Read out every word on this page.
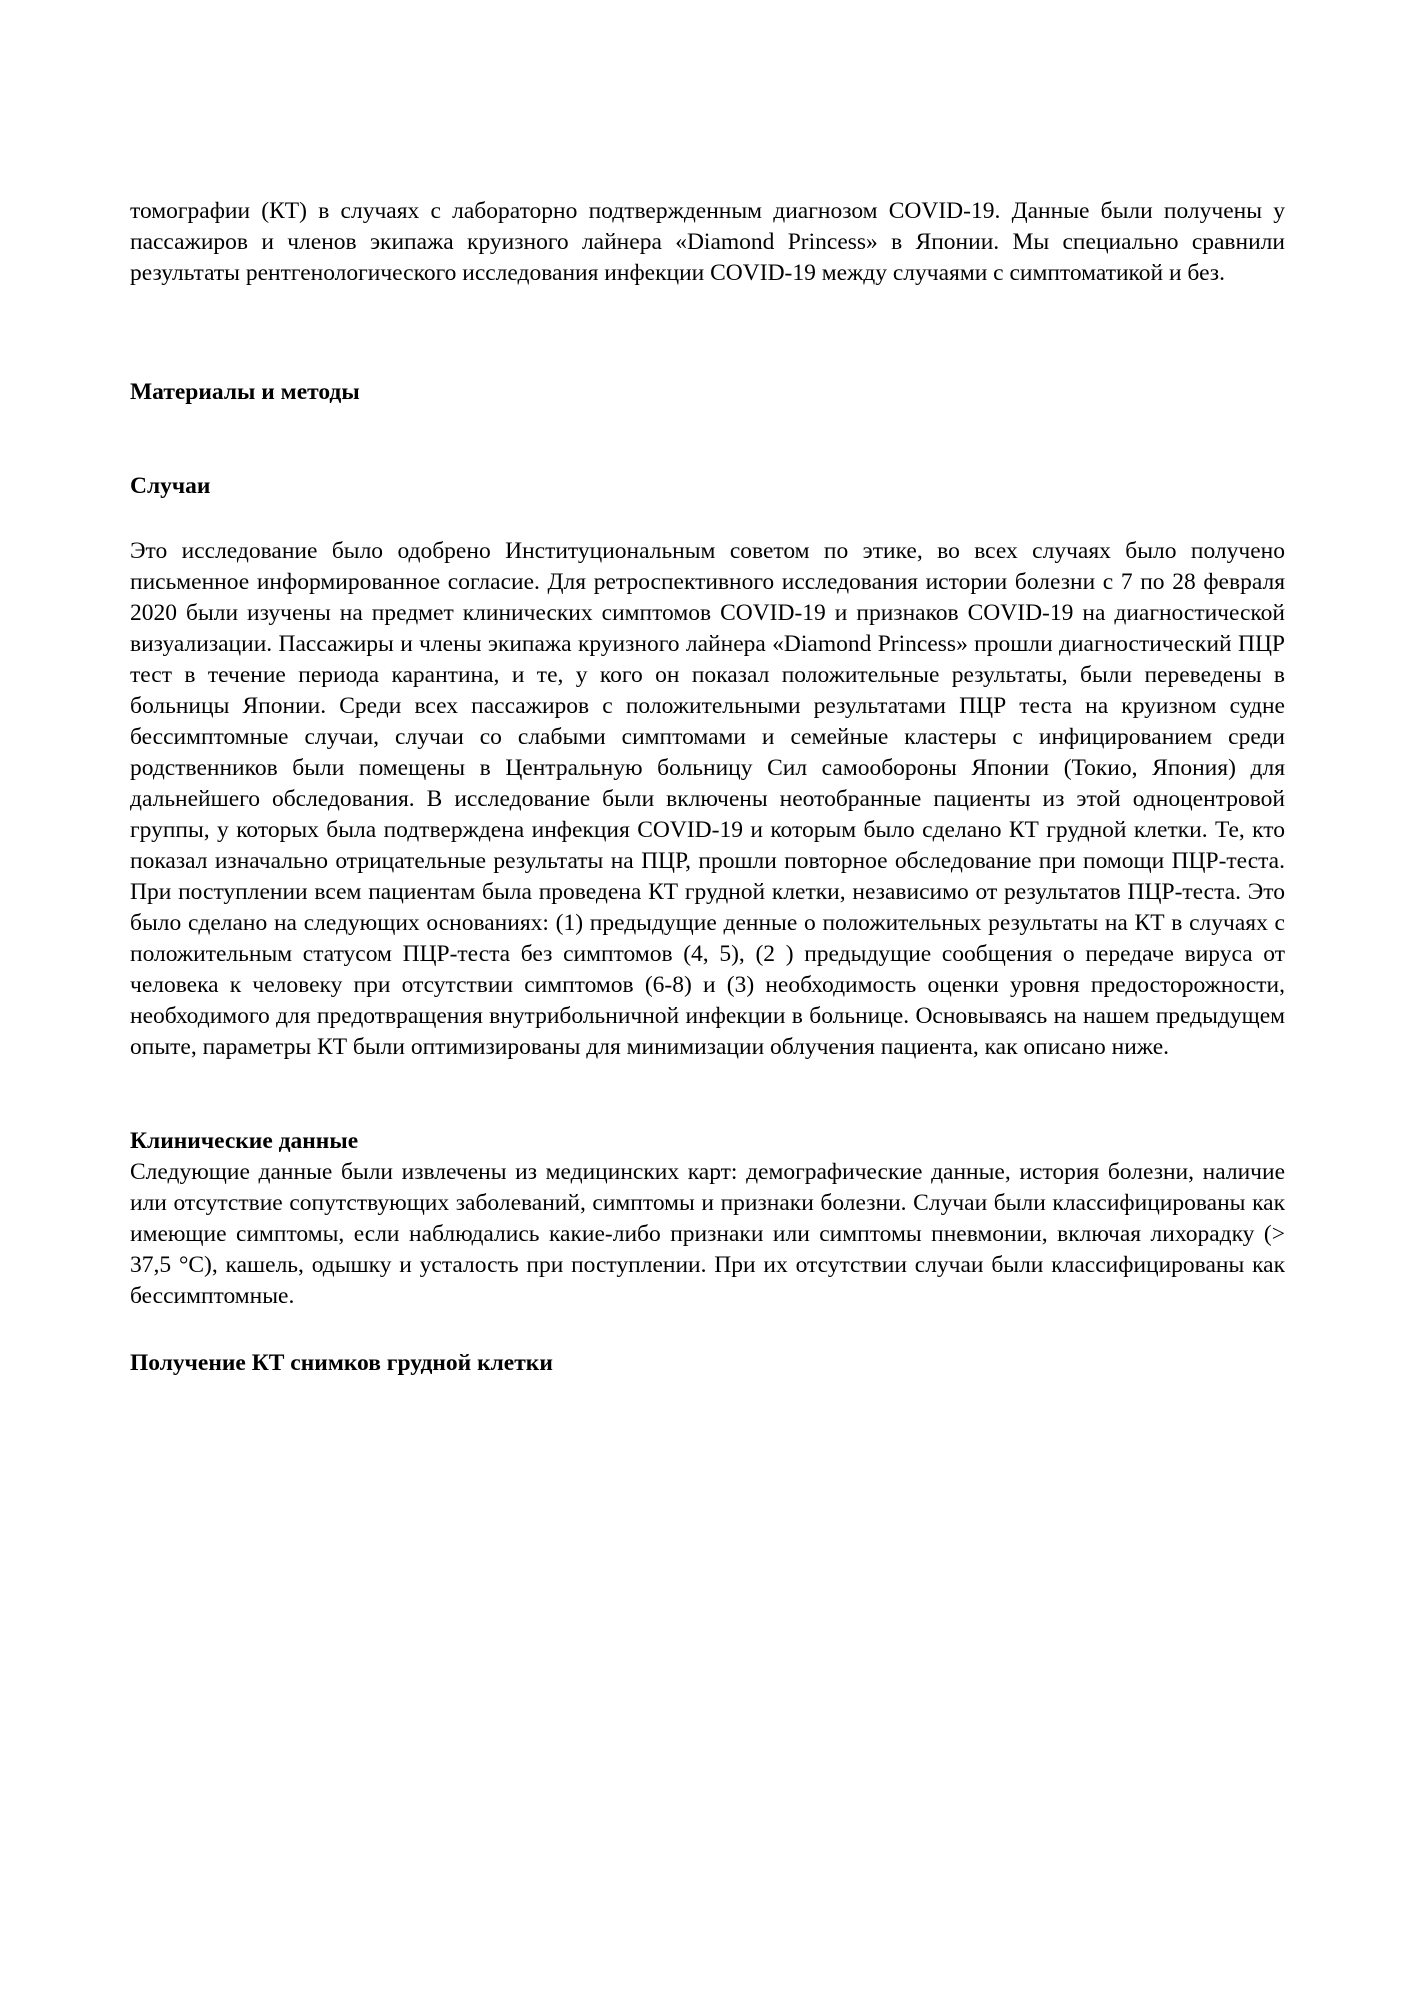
томографии (КТ) в случаях с лабораторно подтвержденным диагнозом COVID-19. Данные были получены у пассажиров и членов экипажа круизного лайнера «Diamond Princess» в Японии. Мы специально сравнили результаты рентгенологического исследования инфекции COVID-19 между случаями с симптоматикой и без.

Материалы и методы
Случаи

Это исследование было одобрено Институциональным советом по этике, во всех случаях было получено письменное информированное согласие. Для ретроспективного исследования истории болезни с 7 по 28 февраля 2020 были изучены на предмет клинических симптомов COVID-19 и признаков COVID-19 на диагностической визуализации. Пассажиры и члены экипажа круизного лайнера «Diamond Princess» прошли диагностический ПЦР тест в течение периода карантина, и те, у кого он показал положительные результаты, были переведены в больницы Японии. Среди всех пассажиров с положительными результатами ПЦР теста на круизном судне бессимптомные случаи, случаи со слабыми симптомами и семейные кластеры с инфицированием среди родственников были помещены в Центральную больницу Сил самообороны Японии (Токио, Япония) для дальнейшего обследования. В исследование были включены неотобранные пациенты из этой одноцентровой группы, у которых была подтверждена инфекция COVID-19 и которым было сделано КТ грудной клетки. Те, кто показал изначально отрицательные результаты на ПЦР, прошли повторное обследование при помощи ПЦР-теста. При поступлении всем пациентам была проведена КТ грудной клетки, независимо от результатов ПЦР-теста. Это было сделано на следующих основаниях: (1) предыдущие денные о положительных результаты на КТ в случаях с положительным статусом ПЦР-теста без симптомов (4, 5), (2 ) предыдущие сообщения о передаче вируса от человека к человеку при отсутствии симптомов (6-8) и (3) необходимость оценки уровня предосторожности, необходимого для предотвращения внутрибольничной инфекции в больнице. Основываясь на нашем предыдущем опыте, параметры КТ были оптимизированы для минимизации облучения пациента, как описано ниже.

Клинические данные

Следующие данные были извлечены из медицинских карт: демографические данные, история болезни, наличие или отсутствие сопутствующих заболеваний, симптомы и признаки болезни. Случаи были классифицированы как имеющие симптомы, если наблюдались какие-либо признаки или симптомы пневмонии, включая лихорадку (> 37,5 °C), кашель, одышку и усталость при поступлении. При их отсутствии случаи были классифицированы как бессимптомные.

Получение КТ снимков грудной клетки
